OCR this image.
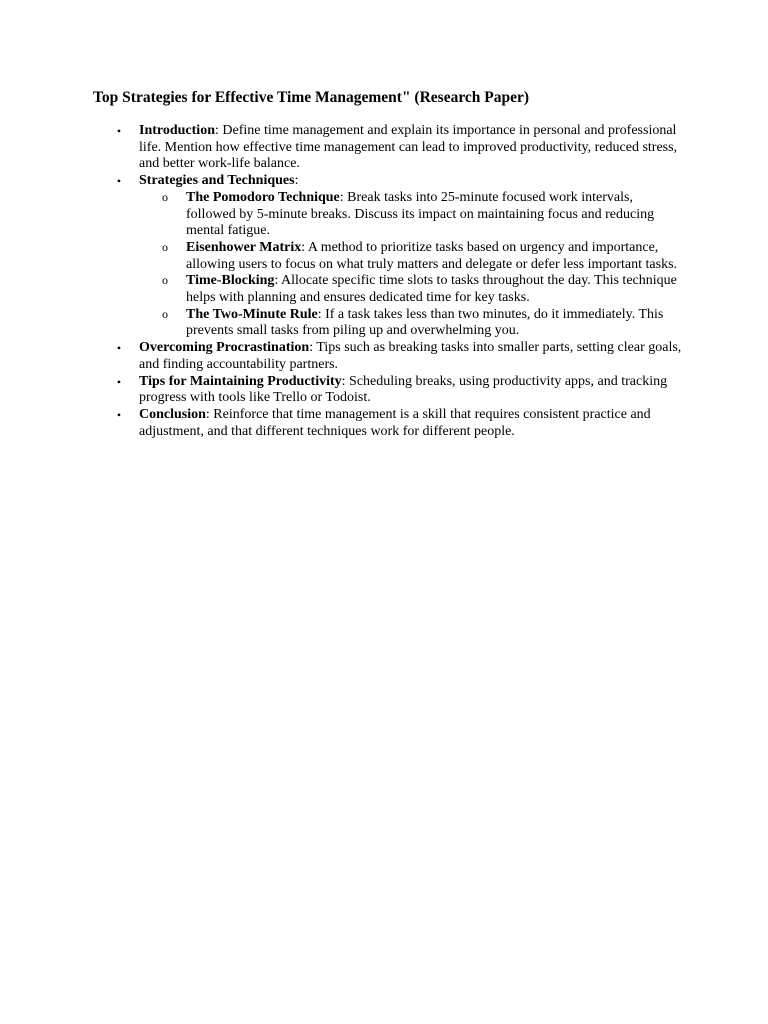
Top Strategies for Effective Time Management" (Research Paper)
• Introduction: Define time management and explain its importance in personal and professional life. Mention how effective time management can lead to improved productivity, reduced stress, and better work-life balance.
• Strategies and Techniques:
o The Pomodoro Technique: Break tasks into 25-minute focused work intervals, followed by 5-minute breaks. Discuss its impact on maintaining focus and reducing mental fatigue.
o Eisenhower Matrix: A method to prioritize tasks based on urgency and importance, allowing users to focus on what truly matters and delegate or defer less important tasks.
o Time-Blocking: Allocate specific time slots to tasks throughout the day. This technique helps with planning and ensures dedicated time for key tasks.
o The Two-Minute Rule: If a task takes less than two minutes, do it immediately. This prevents small tasks from piling up and overwhelming you.
• Overcoming Procrastination: Tips such as breaking tasks into smaller parts, setting clear goals, and finding accountability partners.
• Tips for Maintaining Productivity: Scheduling breaks, using productivity apps, and tracking progress with tools like Trello or Todoist.
• Conclusion: Reinforce that time management is a skill that requires consistent practice and adjustment, and that different techniques work for different people.
